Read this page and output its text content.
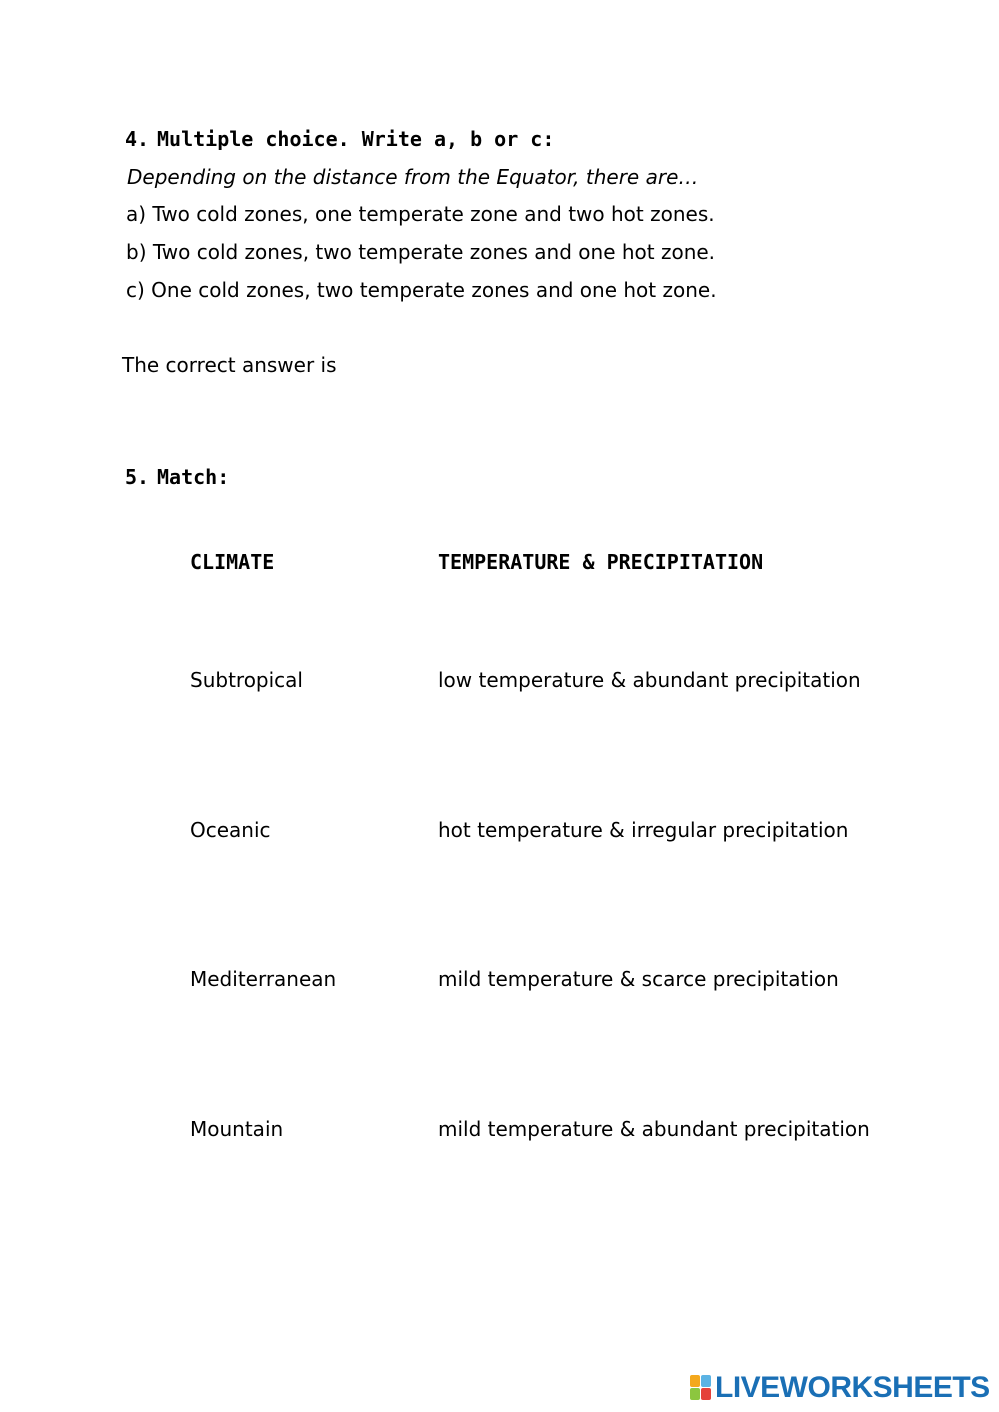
4. Multiple choice. Write a, b or c:
Depending on the distance from the Equator, there are…
a) Two cold zones, one temperate zone and two hot zones.
b) Two cold zones, two temperate zones and one hot zone.
c) One cold zones, two temperate zones and one hot zone.
The correct answer is
5. Match:
CLIMATE	TEMPERATURE & PRECIPITATION
Subtropical	low temperature & abundant precipitation
Oceanic	hot temperature & irregular precipitation
Mediterranean	mild temperature & scarce precipitation
Mountain	mild temperature & abundant precipitation
LIVEWORKSHEETS
